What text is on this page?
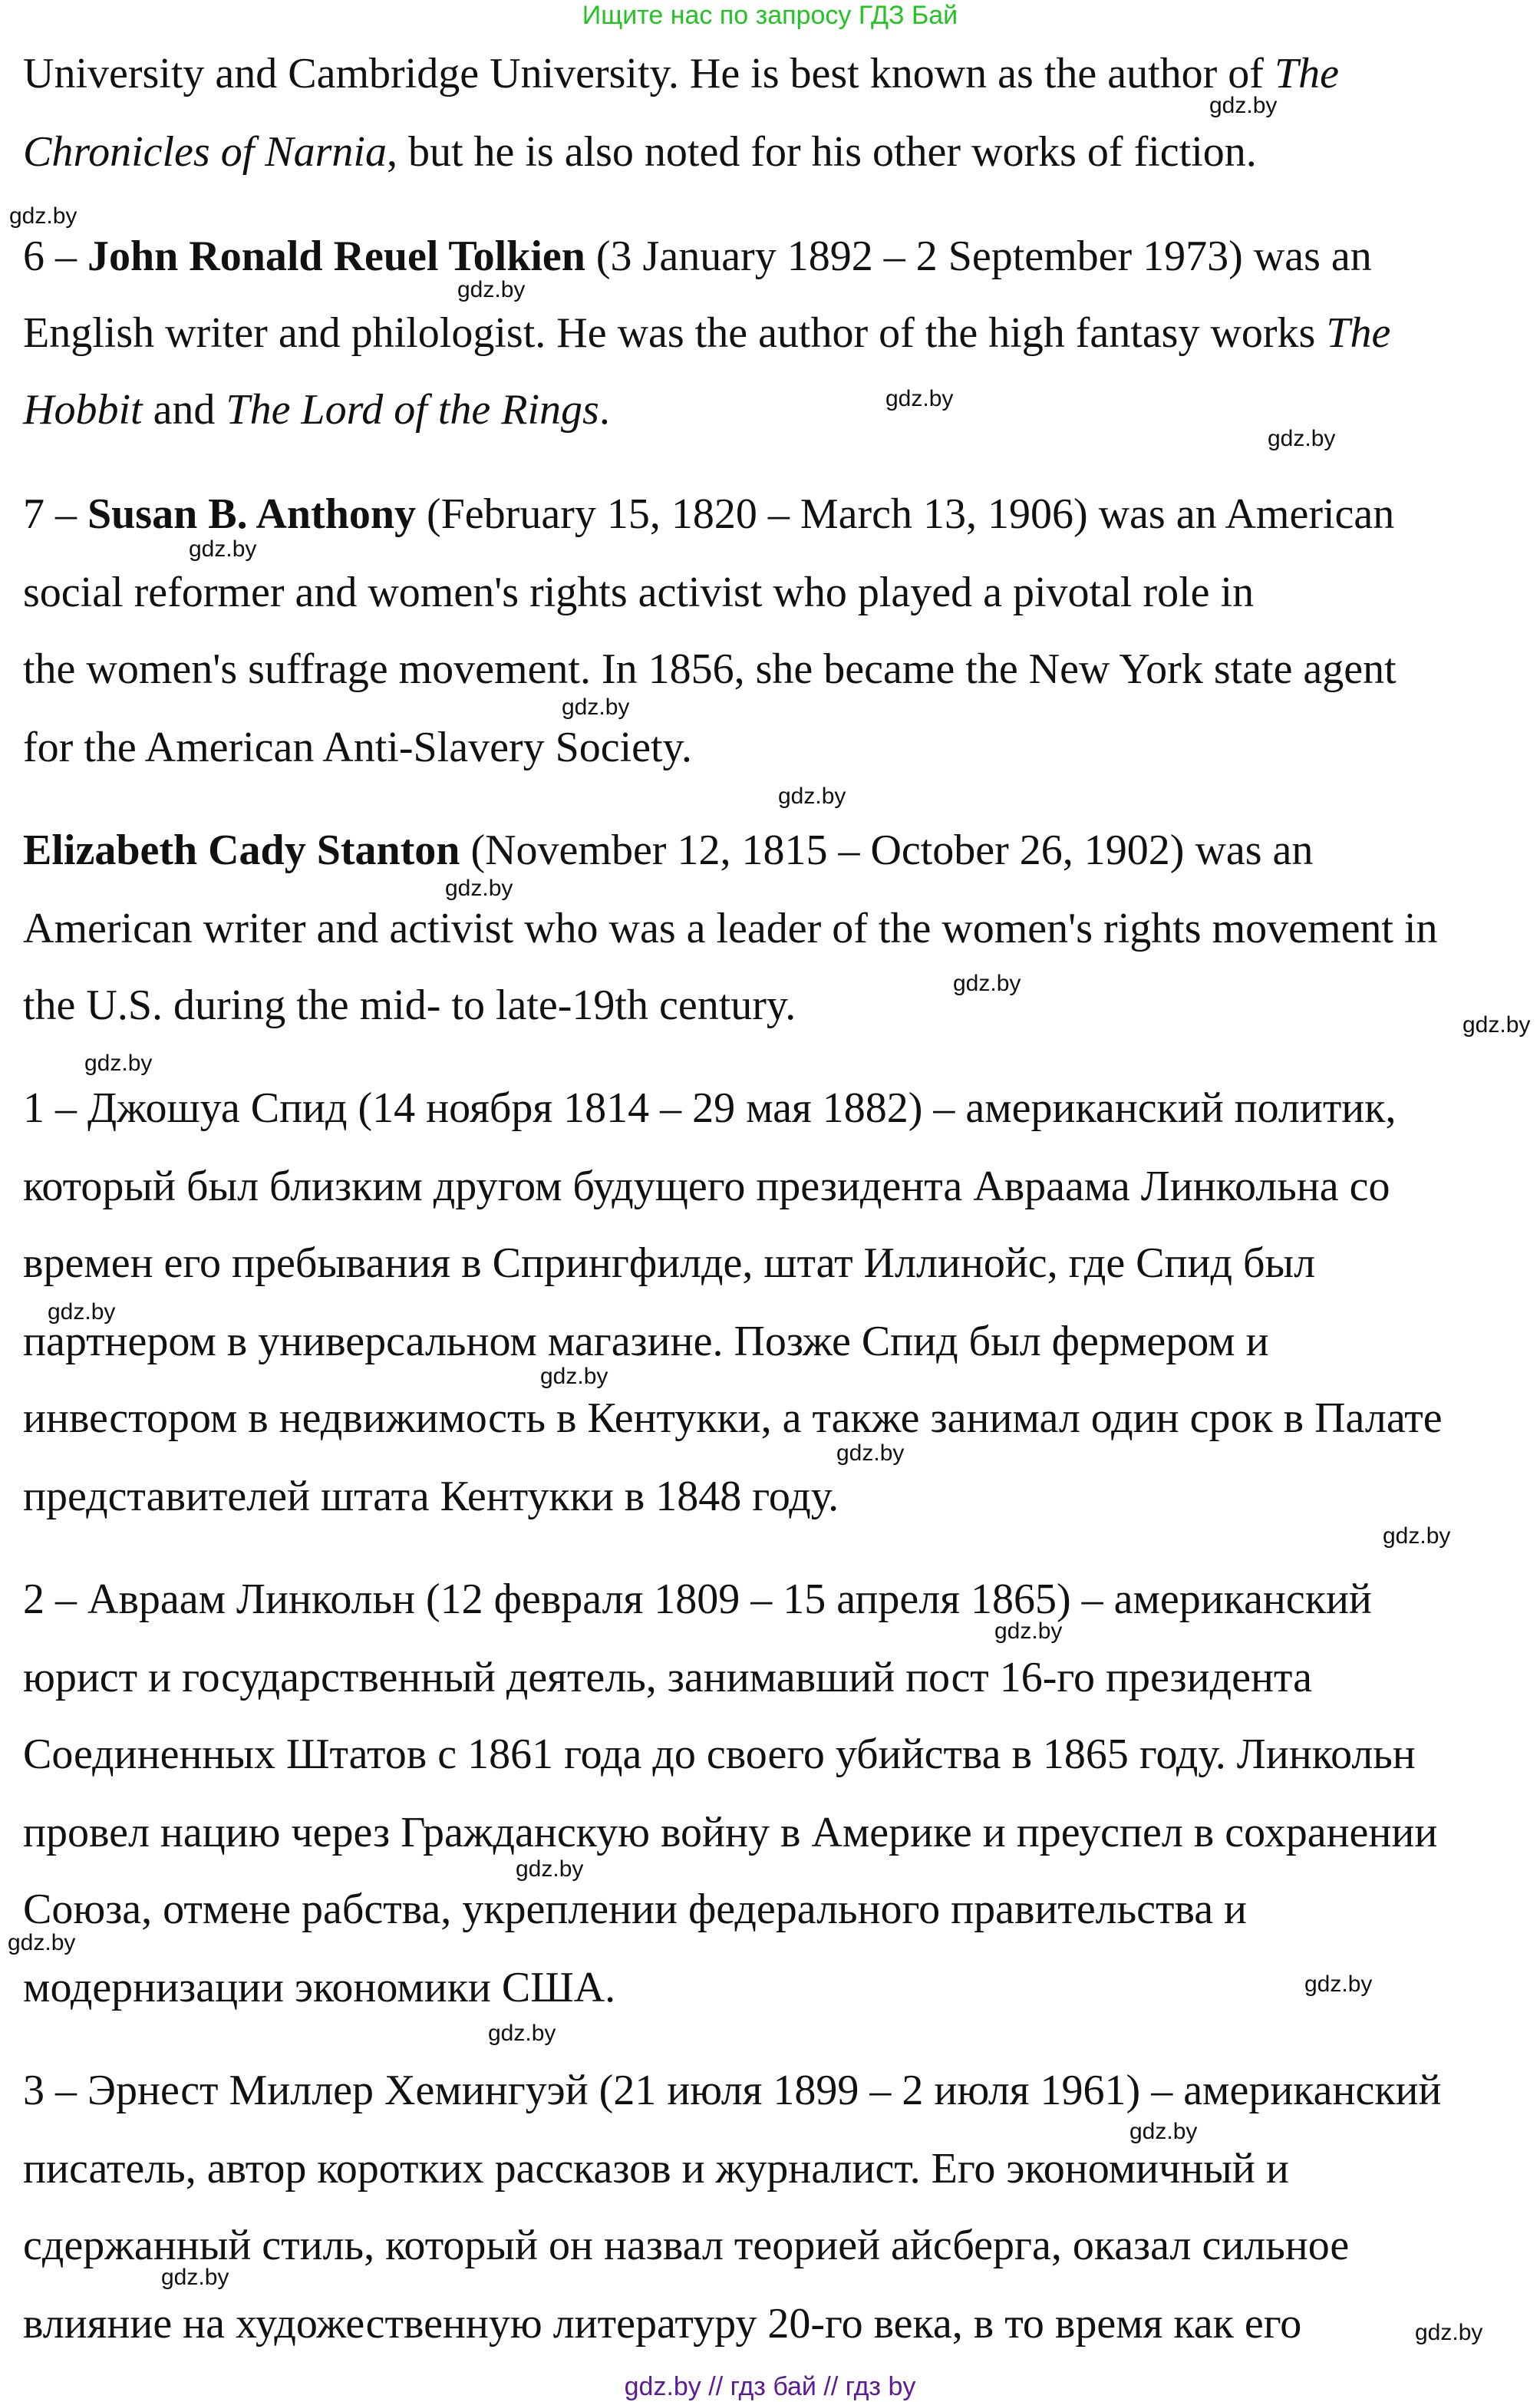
Ищите нас по запросу ГДЗ Бай
University and Cambridge University. He is best known as the author of The
Chronicles of Narnia, but he is also noted for his other works of fiction.
6 – John Ronald Reuel Tolkien (3 January 1892 – 2 September 1973) was an
English writer and philologist. He was the author of the high fantasy works The
Hobbit and The Lord of the Rings.
7 – Susan B. Anthony (February 15, 1820 – March 13, 1906) was an American
social reformer and women's rights activist who played a pivotal role in
the women's suffrage movement. In 1856, she became the New York state agent
for the American Anti-Slavery Society.
Elizabeth Cady Stanton (November 12, 1815 – October 26, 1902) was an
American writer and activist who was a leader of the women's rights movement in
the U.S. during the mid- to late-19th century.
1 – Джошуа Спид (14 ноября 1814 – 29 мая 1882) – американский политик,
который был близким другом будущего президента Авраама Линкольна со
времен его пребывания в Спрингфилде, штат Иллинойс, где Спид был
партнером в универсальном магазине. Позже Спид был фермером и
инвестором в недвижимость в Кентукки, а также занимал один срок в Палате
представителей штата Кентукки в 1848 году.
2 – Авраам Линкольн (12 февраля 1809 – 15 апреля 1865) – американский
юрист и государственный деятель, занимавший пост 16-го президента
Соединенных Штатов с 1861 года до своего убийства в 1865 году. Линкольн
провел нацию через Гражданскую войну в Америке и преуспел в сохранении
Союза, отмене рабства, укреплении федерального правительства и
модернизации экономики США.
3 – Эрнест Миллер Хемингуэй (21 июля 1899 – 2 июля 1961) – американский
писатель, автор коротких рассказов и журналист. Его экономичный и
сдержанный стиль, который он назвал теорией айсберга, оказал сильное
влияние на художественную литературу 20-го века, в то время как его
gdz.by
gdz.by
gdz.by
gdz.by
gdz.by
gdz.by
gdz.by
gdz.by
gdz.by
gdz.by
gdz.by
gdz.by
gdz.by
gdz.by
gdz.by
gdz.by
gdz.by
gdz.by
gdz.by
gdz.by
gdz.by
gdz.by
gdz.by
gdz.by
gdz.by // гдз бай // гдз by
